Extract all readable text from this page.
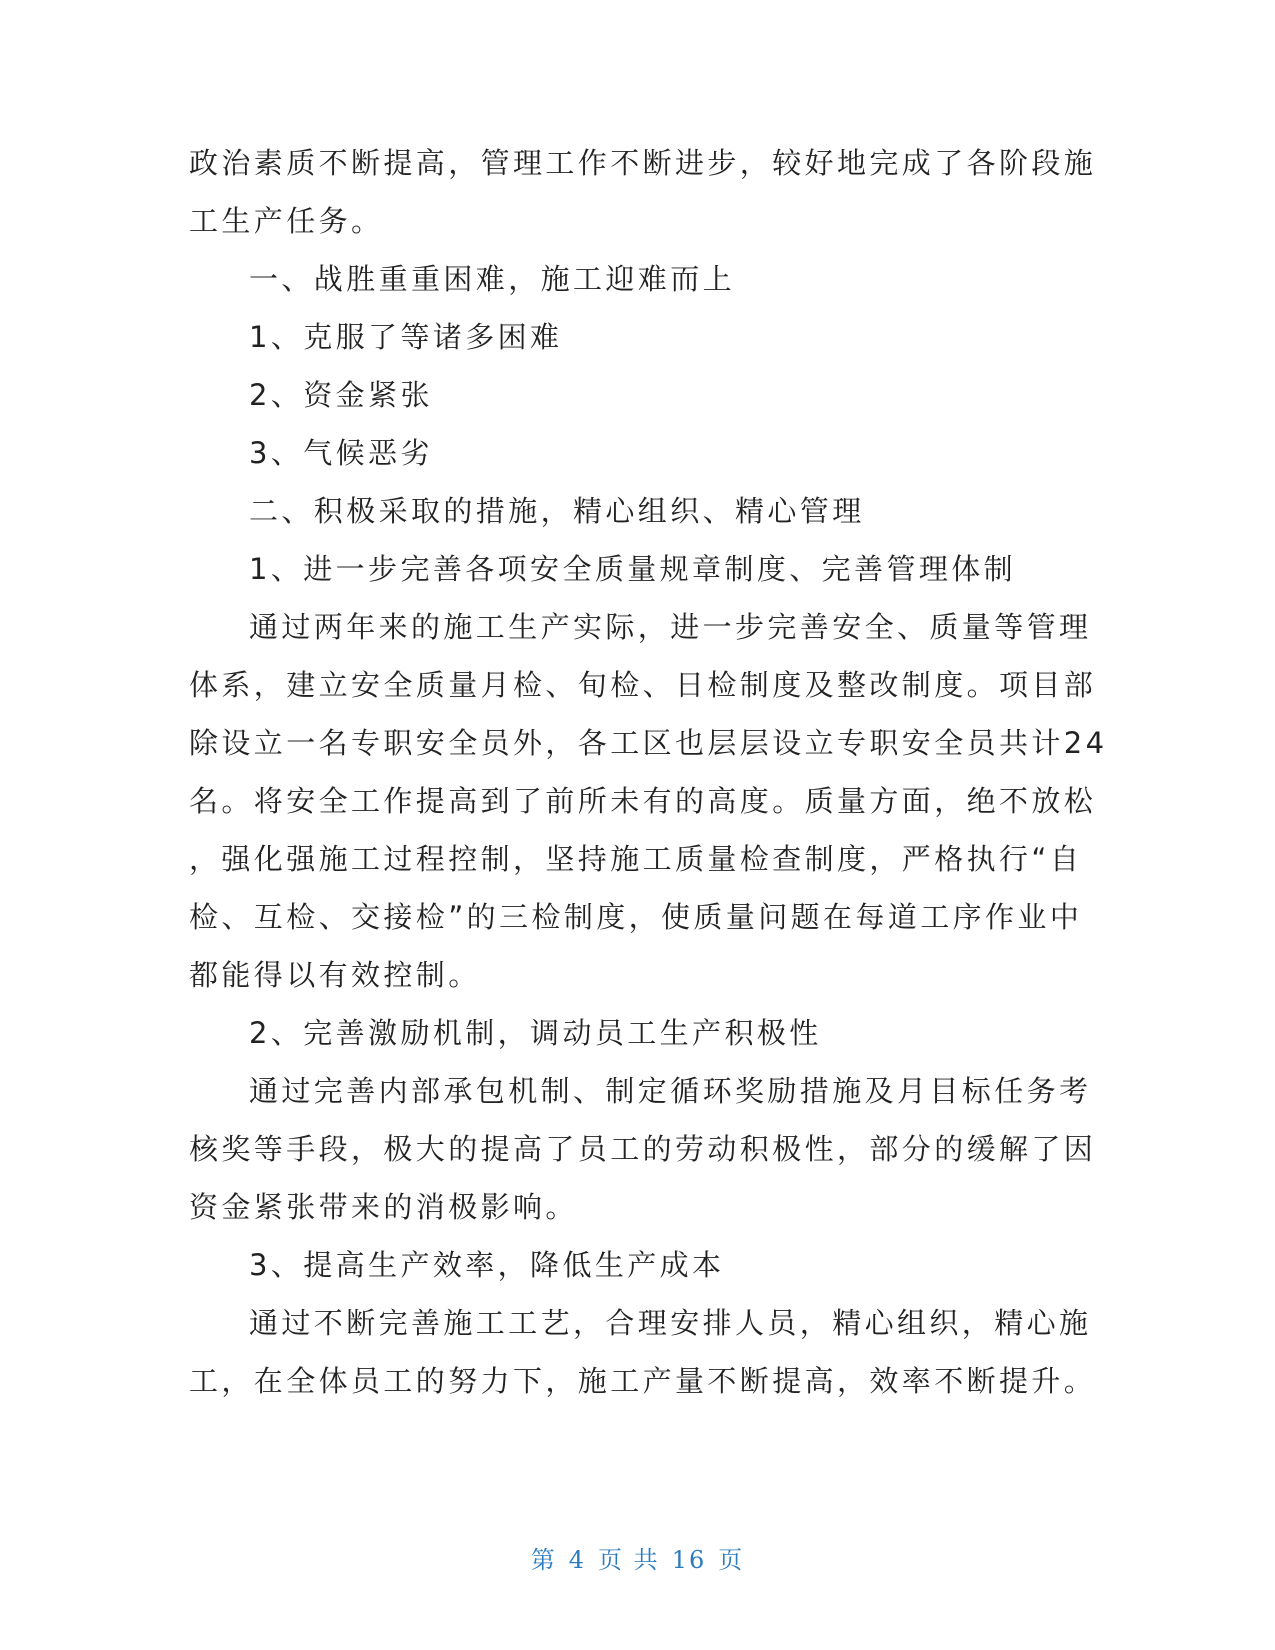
政治素质不断提高，管理工作不断进步，较好地完成了各阶段施
工生产任务。
一、战胜重重困难，施工迎难而上
1、克服了等诸多困难
2、资金紧张
3、气候恶劣
二、积极采取的措施，精心组织、精心管理
1、进一步完善各项安全质量规章制度、完善管理体制
通过两年来的施工生产实际，进一步完善安全、质量等管理
体系，建立安全质量月检、旬检、日检制度及整改制度。项目部
除设立一名专职安全员外，各工区也层层设立专职安全员共计24
名。将安全工作提高到了前所未有的高度。质量方面，绝不放松
，强化强施工过程控制，坚持施工质量检查制度，严格执行“自
检、互检、交接检”的三检制度，使质量问题在每道工序作业中
都能得以有效控制。
2、完善激励机制，调动员工生产积极性
通过完善内部承包机制、制定循环奖励措施及月目标任务考
核奖等手段，极大的提高了员工的劳动积极性，部分的缓解了因
资金紧张带来的消极影响。
3、提高生产效率，降低生产成本
通过不断完善施工工艺，合理安排人员，精心组织，精心施
工，在全体员工的努力下，施工产量不断提高，效率不断提升。
第 4 页 共 16 页
